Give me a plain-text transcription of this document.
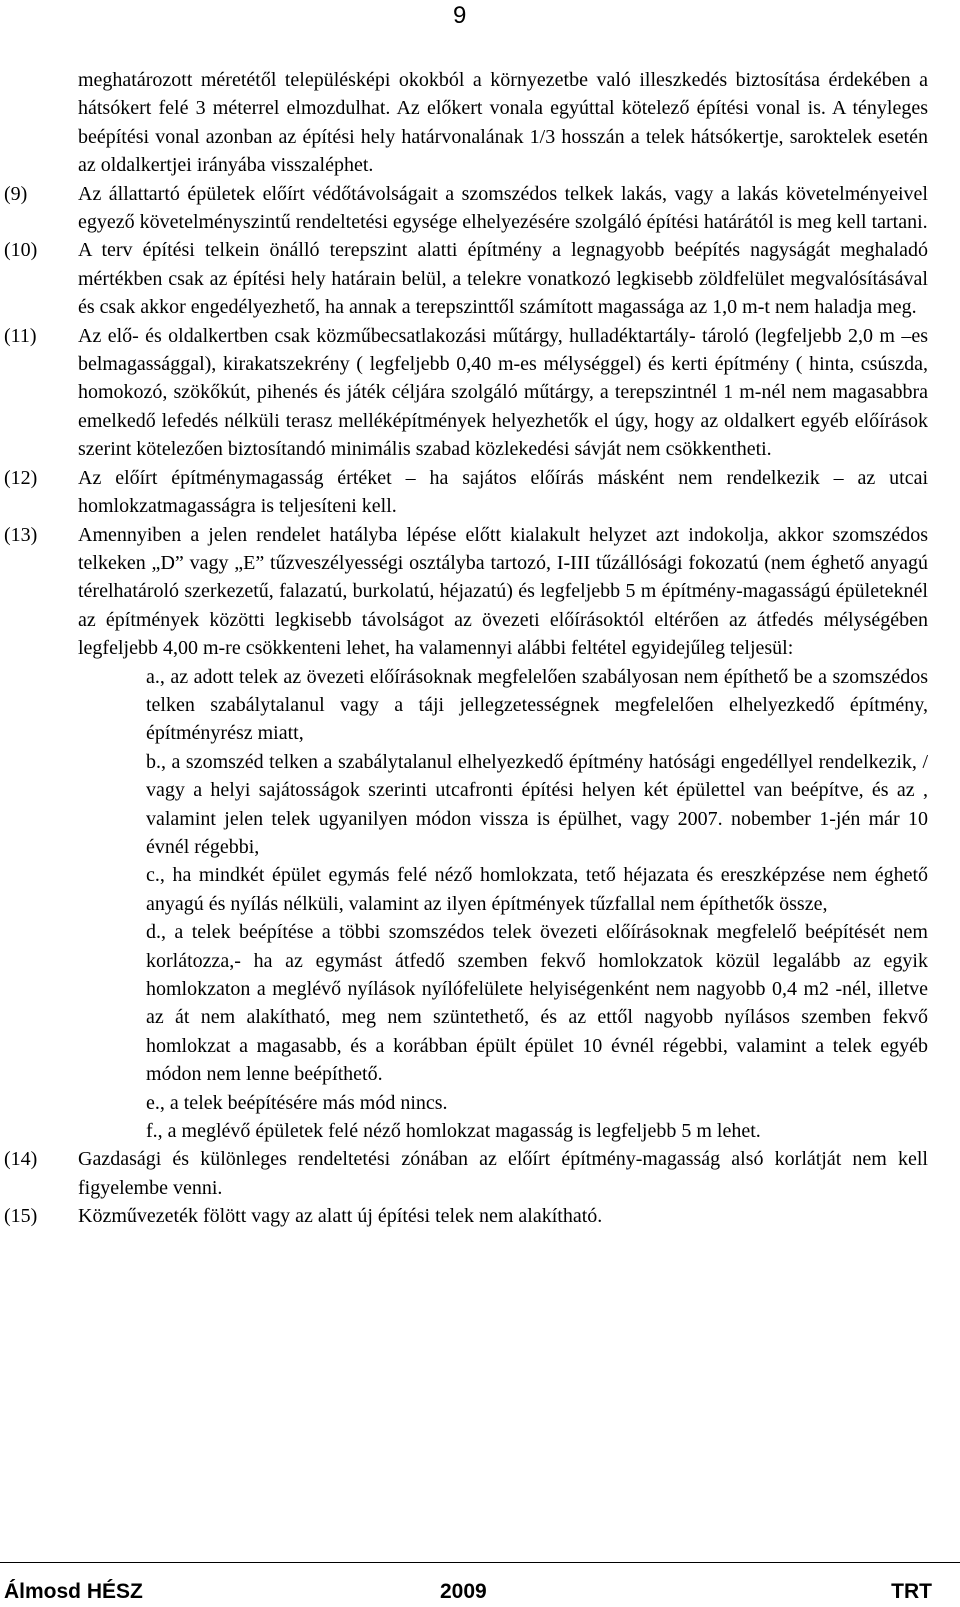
9
meghatározott méretétől településképi okokból a környezetbe való illeszkedés biztosítása érdekében a hátsókert felé 3 méterrel elmozdulhat. Az előkert vonala egyúttal kötelező építési vonal is. A tényleges beépítési vonal azonban az építési hely határvonalának 1/3 hosszán a telek hátsókertje, saroktelek esetén az oldalkertjei irányába visszaléphet.
(9)	Az állattartó épületek előírt védőtávolságait a szomszédos telkek lakás, vagy a lakás követelményeivel egyező követelményszintű rendeltetési egysége elhelyezésére szolgáló építési határától is meg kell tartani.
(10)	A terv építési telkein önálló terepszint alatti építmény a legnagyobb beépítés nagyságát meghaladó mértékben csak az építési hely határain belül, a telekre vonatkozó legkisebb zöldfelület megvalósításával és csak akkor engedélyezhető, ha annak a terepszinttől számított magassága az 1,0 m-t nem haladja meg.
(11)	Az elő- és oldalkertben csak közműbecsatlakozási műtárgy, hulladéktartály- tároló (legfeljebb 2,0 m –es belmagassággal), kirakatszekrény ( legfeljebb 0,40 m-es mélységgel) és kerti építmény ( hinta, csúszda, homokozó, szökőkút, pihenés és játék céljára szolgáló műtárgy, a terepszintnél 1 m-nél nem magasabbra emelkedő lefedés nélküli terasz melléképítmények helyezhetők el úgy, hogy az oldalkert egyéb előírások szerint kötelezően biztosítandó minimális szabad közlekedési sávját nem csökkentheti.
(12)	Az előírt építménymagasság értéket – ha sajátos előírás másként nem rendelkezik – az utcai homlokzatmagasságra is teljesíteni kell.
(13)	Amennyiben a jelen rendelet hatályba lépése előtt kialakult helyzet azt indokolja, akkor szomszédos telkeken „D” vagy „E” tűzveszélyességi osztályba tartozó, I-III tűzállósági fokozatú (nem éghető anyagú térelhatároló szerkezetű, falazatú, burkolatú, héjazatú) és legfeljebb 5 m építmény-magasságú épületeknél az építmények közötti legkisebb távolságot az övezeti előírásoktól eltérően az átfedés mélységében legfeljebb 4,00 m-re csökkenteni lehet, ha valamennyi alábbi feltétel egyidejűleg teljesül:

a., az adott telek az övezeti előírásoknak megfelelően szabályosan nem építhető be a szomszédos telken szabálytalanul vagy a táji jellegzetességnek megfelelően elhelyezkedő építmény, építményrész miatt,

b., a szomszéd telken a szabálytalanul elhelyezkedő építmény hatósági engedéllyel rendelkezik, / vagy a helyi sajátosságok szerinti utcafronti építési helyen két épülettel van beépítve, és az , valamint jelen telek ugyanilyen módon vissza is épülhet, vagy 2007. nobember 1-jén már 10 évnél régebbi,

c., ha mindkét épület egymás felé néző homlokzata, tető héjazata és ereszképzése nem éghető anyagú és nyílás nélküli, valamint az ilyen építmények tűzfallal nem építhetők össze,

d., a telek beépítése a többi szomszédos telek övezeti előírásoknak megfelelő beépítését nem korlátozza,- ha az egymást átfedő szemben fekvő homlokzatok közül legalább az egyik homlokzaton a meglévő nyílások nyílófelülete helyiségenként nem nagyobb 0,4 m2 -nél, illetve az át nem alakítható, meg nem szüntethető, és az ettől nagyobb nyílásos szemben fekvő homlokzat a magasabb, és a korábban épült épület 10 évnél régebbi, valamint a telek egyéb módon nem lenne beépíthető.

e., a telek beépítésére más mód nincs.

f., a meglévő épületek felé néző homlokzat magasság is legfeljebb 5 m lehet.

(14)	Gazdasági és különleges rendeltetési zónában az előírt építmény-magasság alsó korlátját nem kell figyelembe venni.
(15)	Közművezeték fölött vagy az alatt új építési telek nem alakítható.
Álmosd HÉSZ	2009	TRT
